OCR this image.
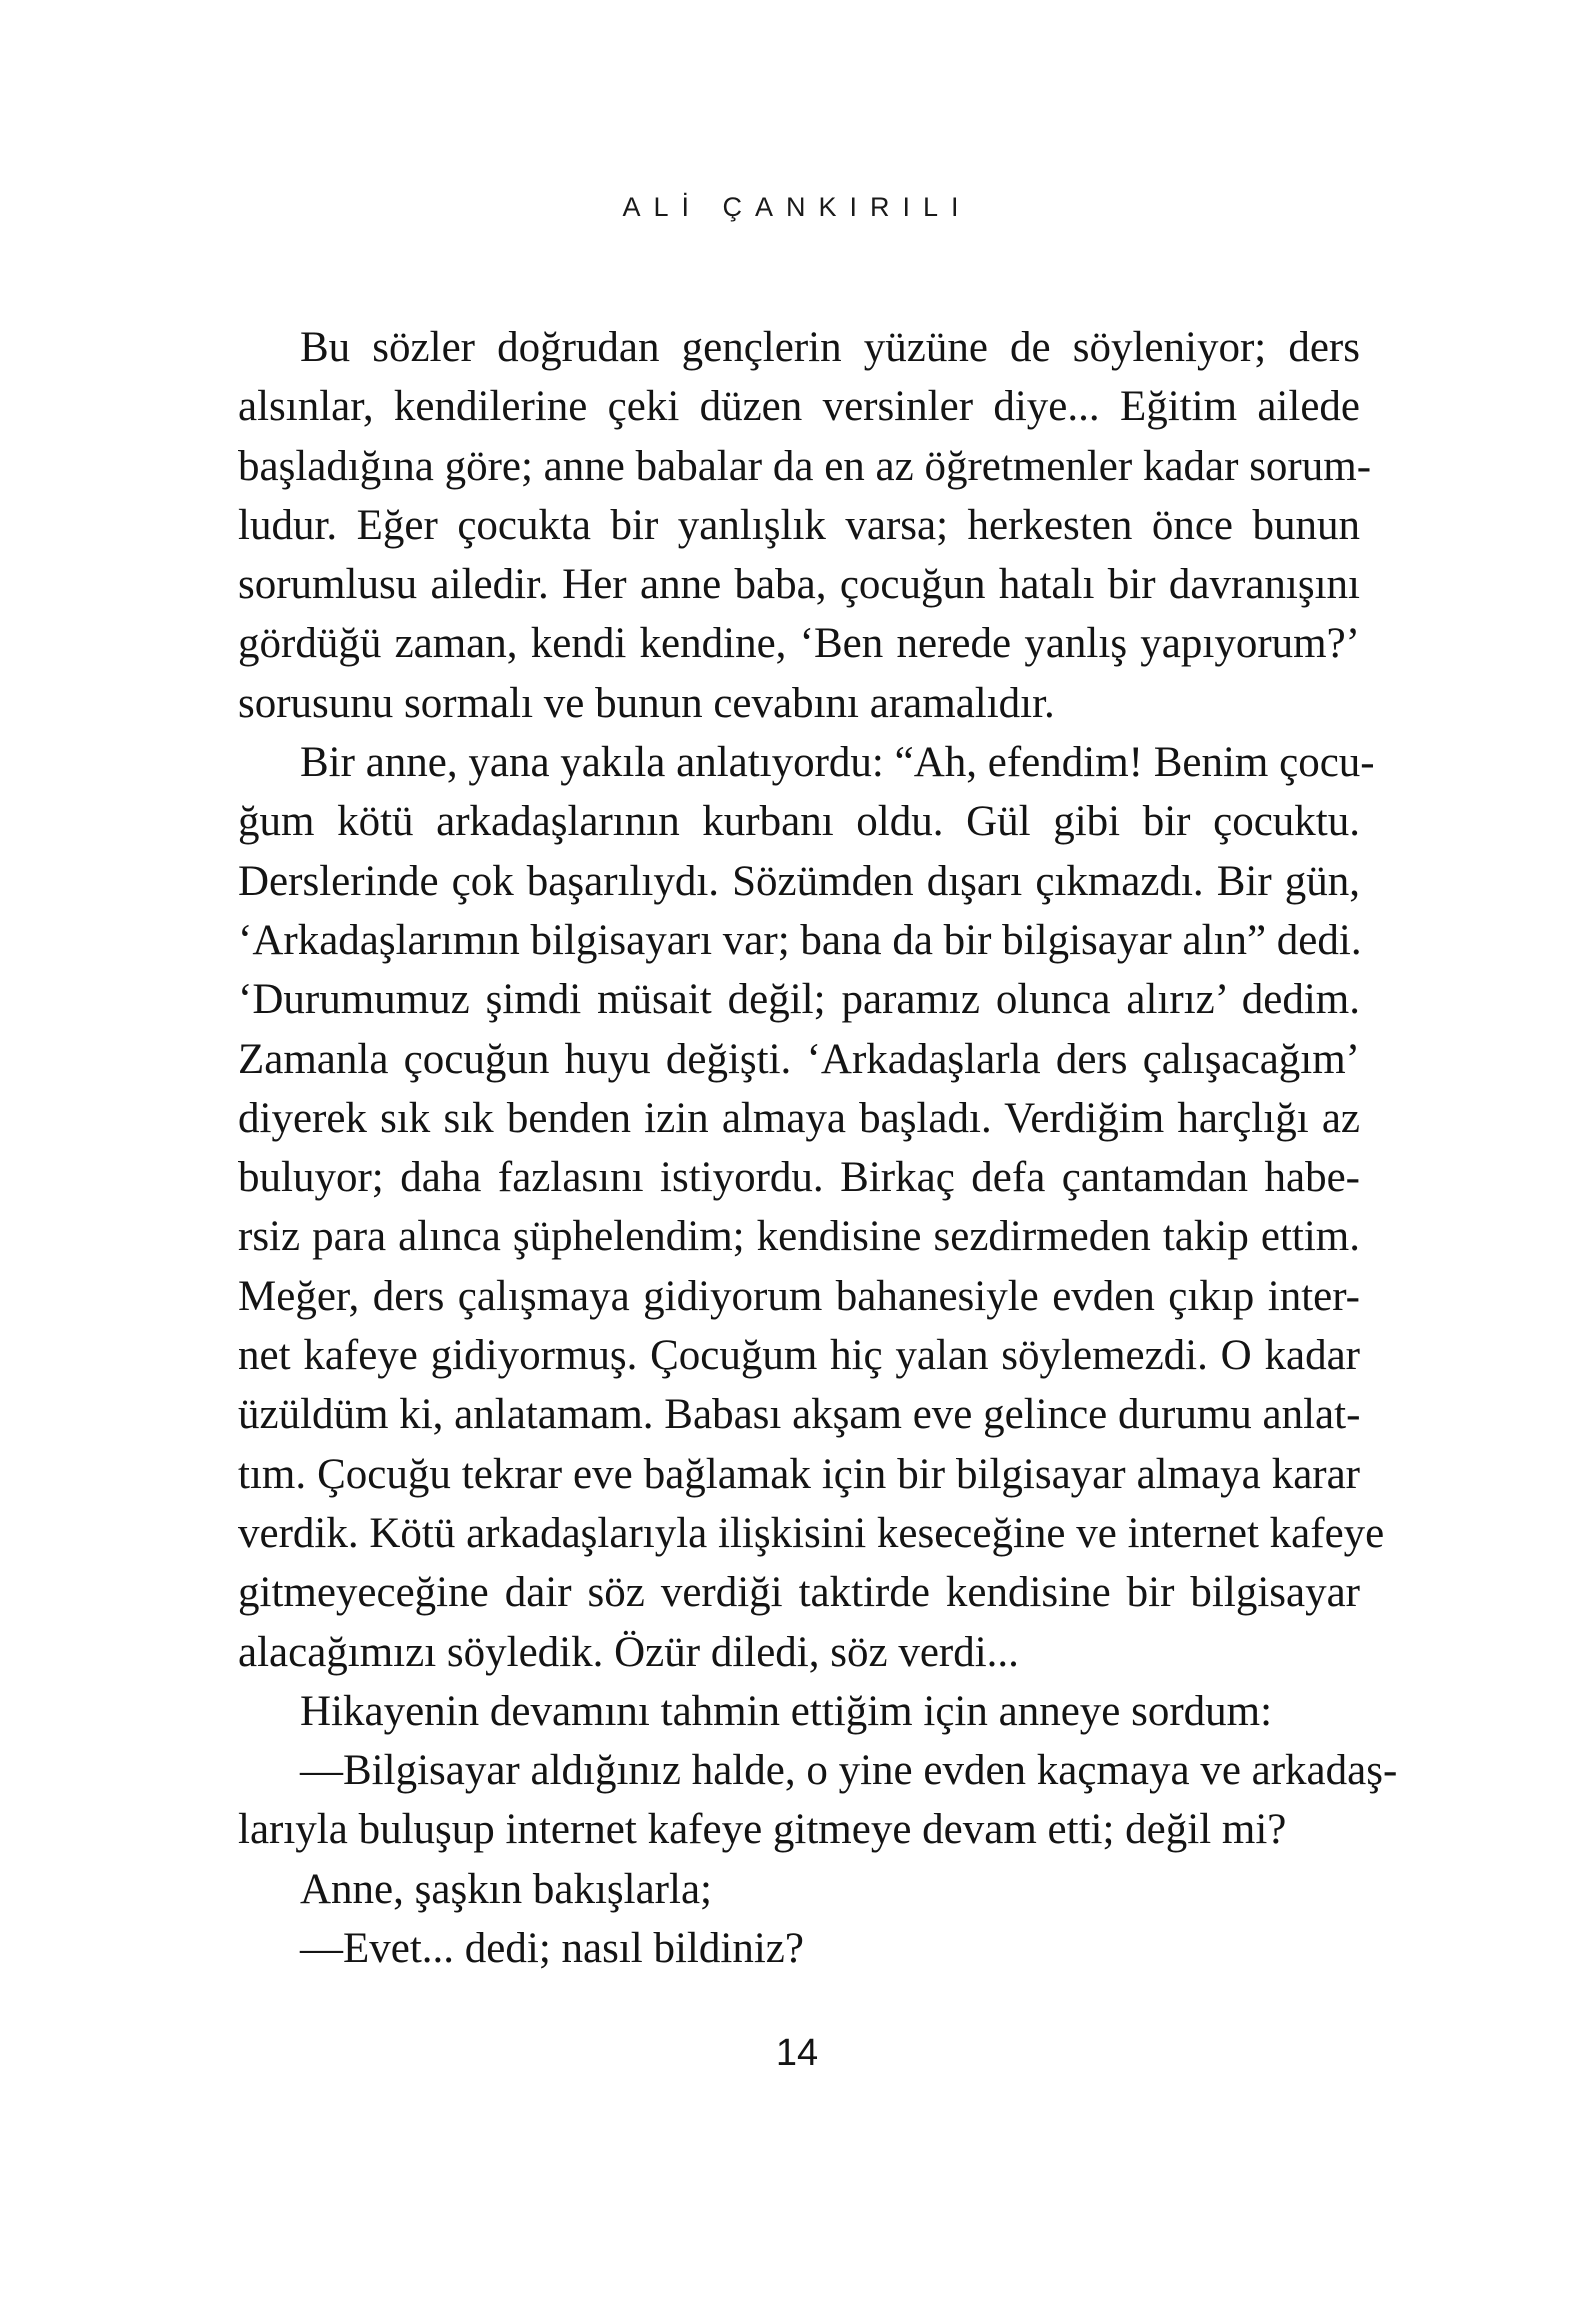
ALİ ÇANKIRILI
Bu sözler doğrudan gençlerin yüzüne de söyleniyor; ders
alsınlar, kendilerine çeki düzen versinler diye... Eğitim ailede
başladığına göre; anne babalar da en az öğretmenler kadar sorum-
ludur. Eğer çocukta bir yanlışlık varsa; herkesten önce bunun
sorumlusu ailedir. Her anne baba, çocuğun hatalı bir davranışını
gördüğü zaman, kendi kendine, ‘Ben nerede yanlış yapıyorum?’
sorusunu sormalı ve bunun cevabını aramalıdır.
Bir anne, yana yakıla anlatıyordu: “Ah, efendim! Benim çocu-
ğum kötü arkadaşlarının kurbanı oldu. Gül gibi bir çocuktu.
Derslerinde çok başarılıydı. Sözümden dışarı çıkmazdı. Bir gün,
‘Arkadaşlarımın bilgisayarı var; bana da bir bilgisayar alın” dedi.
‘Durumumuz şimdi müsait değil; paramız olunca alırız’ dedim.
Zamanla çocuğun huyu değişti. ‘Arkadaşlarla ders çalışacağım’
diyerek sık sık benden izin almaya başladı. Verdiğim harçlığı az
buluyor; daha fazlasını istiyordu. Birkaç defa çantamdan habe-
rsiz para alınca şüphelendim; kendisine sezdirmeden takip ettim.
Meğer, ders çalışmaya gidiyorum bahanesiyle evden çıkıp inter-
net kafeye gidiyormuş. Çocuğum hiç yalan söylemezdi. O kadar
üzüldüm ki, anlatamam. Babası akşam eve gelince durumu anlat-
tım. Çocuğu tekrar eve bağlamak için bir bilgisayar almaya karar
verdik. Kötü arkadaşlarıyla ilişkisini keseceğine ve internet kafeye
gitmeyeceğine dair söz verdiği taktirde kendisine bir bilgisayar
alacağımızı söyledik. Özür diledi, söz verdi...
Hikayenin devamını tahmin ettiğim için anneye sordum:
—Bilgisayar aldığınız halde, o yine evden kaçmaya ve arkadaş-
larıyla buluşup internet kafeye gitmeye devam etti; değil mi?
Anne, şaşkın bakışlarla;
—Evet... dedi; nasıl bildiniz?
14
